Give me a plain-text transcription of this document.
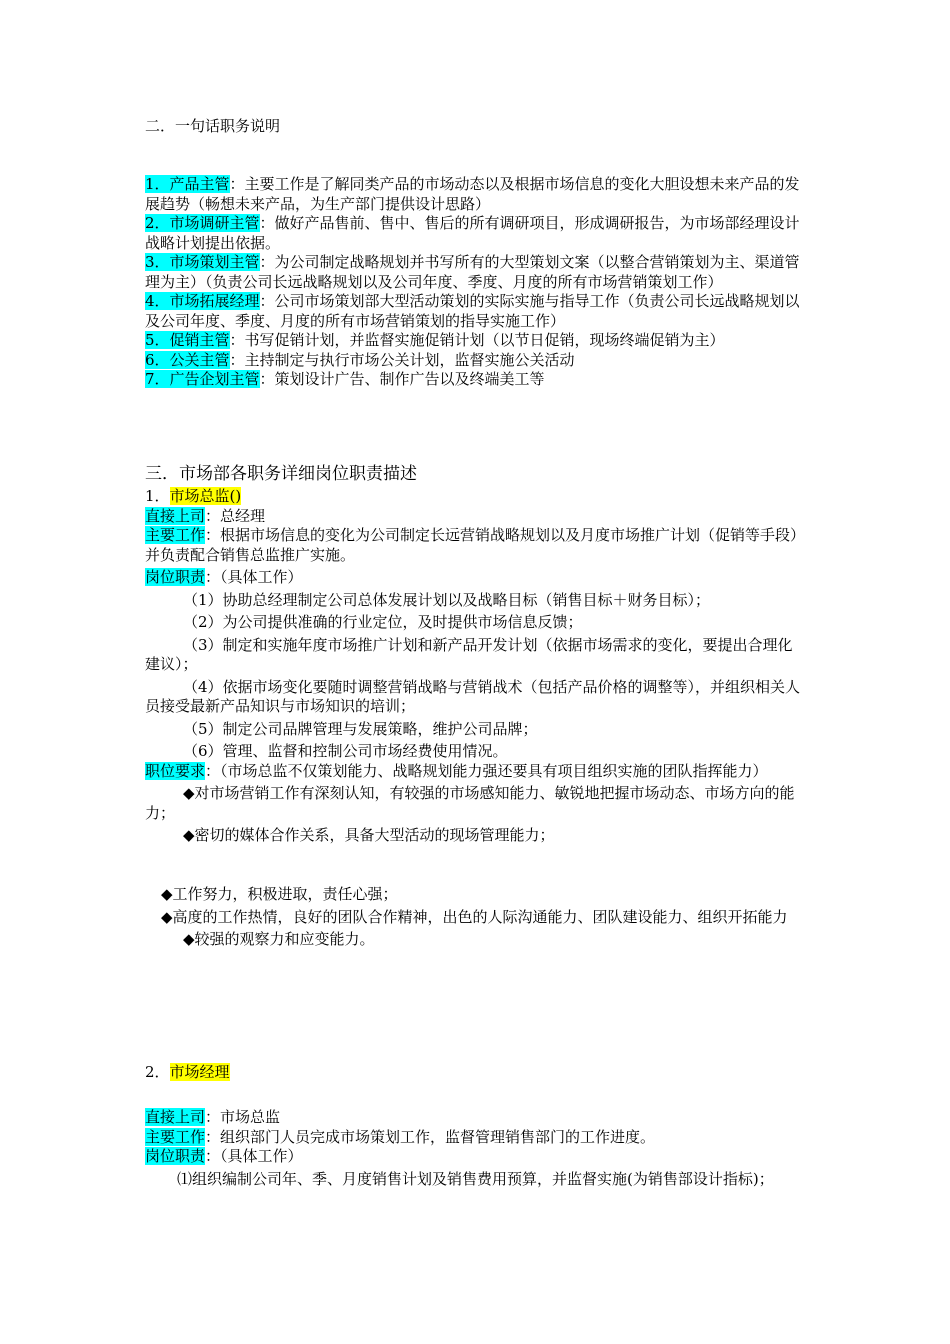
二．一句话职务说明

1．产品主管：主要工作是了解同类产品的市场动态以及根据市场信息的变化大胆设想未来产品的发展趋势（畅想未来产品，为生产部门提供设计思路）

2．市场调研主管：做好产品售前、售中、售后的所有调研项目，形成调研报告，为市场部经理设计战略计划提出依据。

3．市场策划主管：为公司制定战略规划并书写所有的大型策划文案（以整合营销策划为主、渠道管理为主）（负责公司长远战略规划以及公司年度、季度、月度的所有市场营销策划工作）

4．市场拓展经理：公司市场策划部大型活动策划的实际实施与指导工作（负责公司长远战略规划以及公司年度、季度、月度的所有市场营销策划的指导实施工作）

5．促销主管：书写促销计划，并监督实施促销计划（以节日促销，现场终端促销为主）

6．公关主管：主持制定与执行市场公关计划，监督实施公关活动

7．广告企划主管：策划设计广告、制作广告以及终端美工等

三．市场部各职务详细岗位职责描述

1．市场总监()

直接上司：总经理

主要工作：根据市场信息的变化为公司制定长远营销战略规划以及月度市场推广计划（促销等手段）并负责配合销售总监推广实施。

岗位职责：（具体工作）

（1）协助总经理制定公司总体发展计划以及战略目标（销售目标＋财务目标）；

（2）为公司提供准确的行业定位，及时提供市场信息反馈；

（3）制定和实施年度市场推广计划和新产品开发计划（依据市场需求的变化，要提出合理化建议）；

（4）依据市场变化要随时调整营销战略与营销战术（包括产品价格的调整等），并组织相关人员接受最新产品知识与市场知识的培训；

（5）制定公司品牌管理与发展策略，维护公司品牌；

（6）管理、监督和控制公司市场经费使用情况。

职位要求：（市场总监不仅策划能力、战略规划能力强还要具有项目组织实施的团队指挥能力）

◆对市场营销工作有深刻认知，有较强的市场感知能力、敏锐地把握市场动态、市场方向的能力；

◆密切的媒体合作关系，具备大型活动的现场管理能力；

◆工作努力，积极进取，责任心强；

◆高度的工作热情，良好的团队合作精神，出色的人际沟通能力、团队建设能力、组织开拓能力

◆较强的观察力和应变能力。

2．市场经理

直接上司：市场总监

主要工作：组织部门人员完成市场策划工作，监督管理销售部门的工作进度。

岗位职责：（具体工作）

⑴组织编制公司年、季、月度销售计划及销售费用预算，并监督实施(为销售部设计指标)；
